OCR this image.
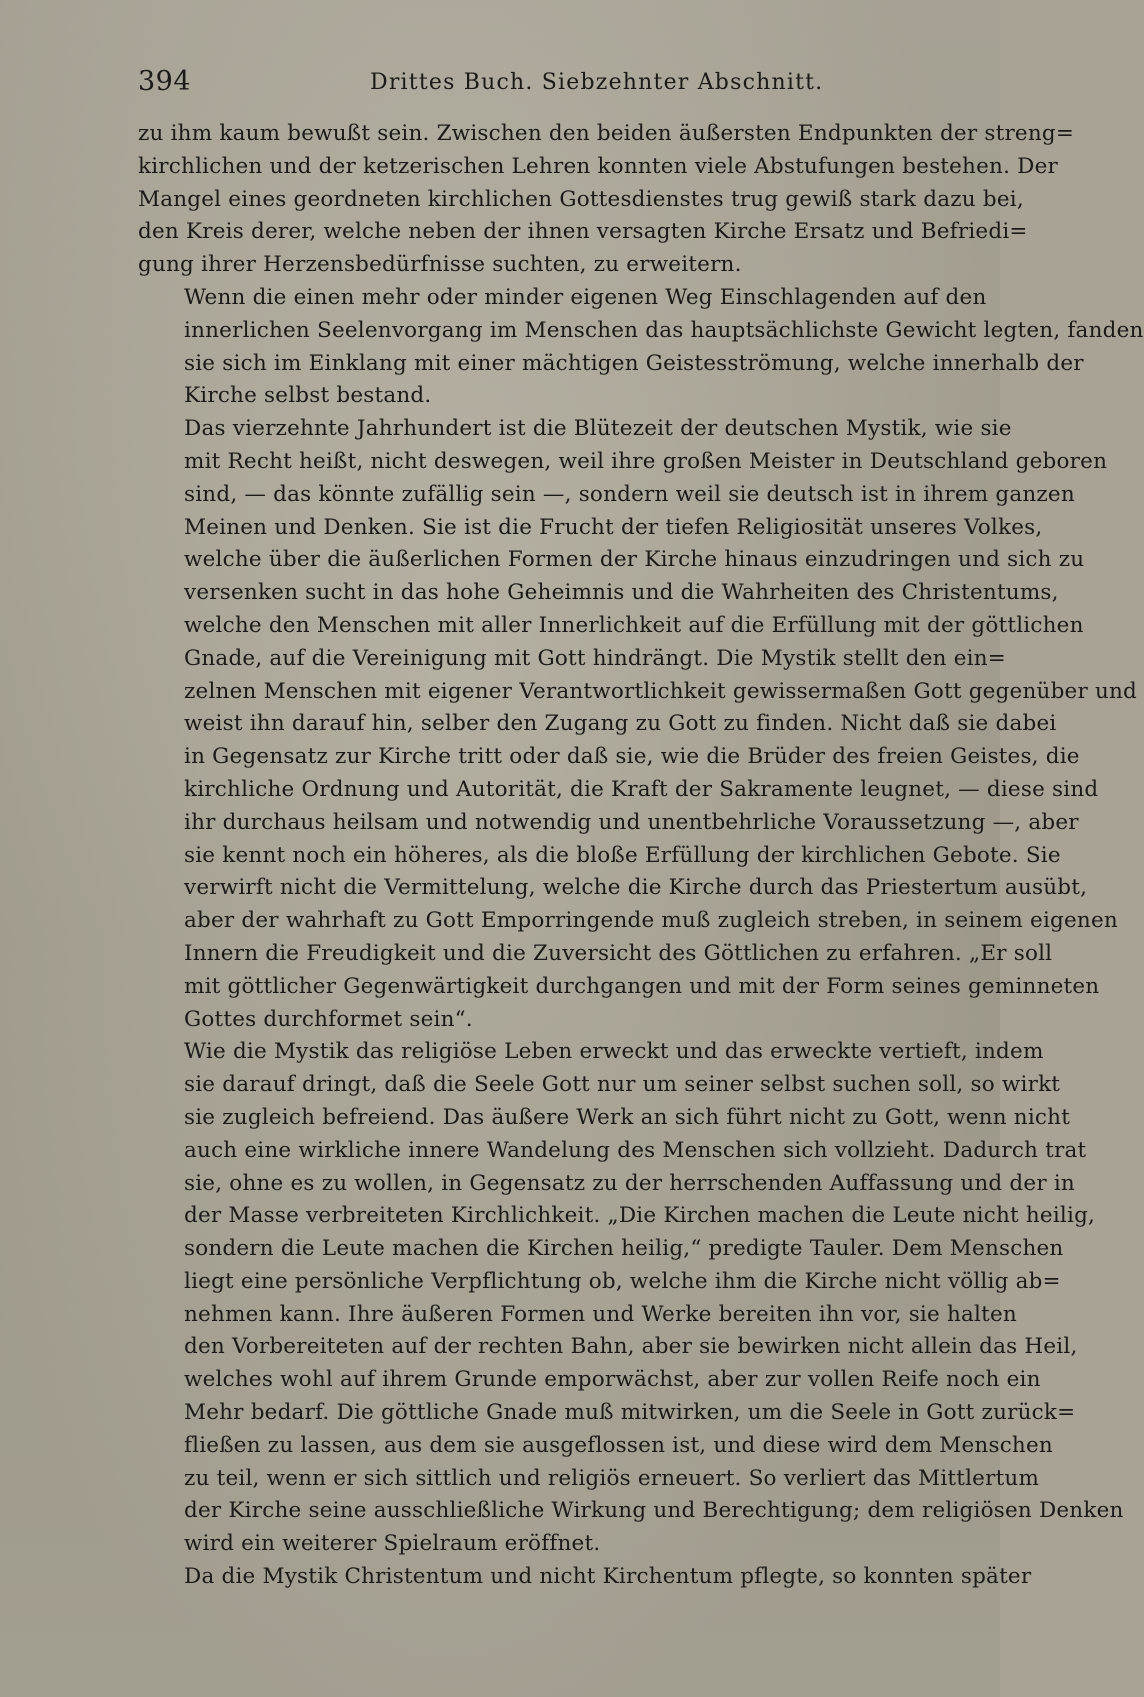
394	Drittes Buch. Siebzehnter Abschnitt.

zu ihm kaum bewußt sein. Zwischen den beiden äußersten Endpunkten der streng=
kirchlichen und der ketzerischen Lehren konnten viele Abstufungen bestehen. Der
Mangel eines geordneten kirchlichen Gottesdienstes trug gewiß stark dazu bei,
den Kreis derer, welche neben der ihnen versagten Kirche Ersatz und Befriedi=
gung ihrer Herzensbedürfnisse suchten, zu erweitern.

Wenn die einen mehr oder minder eigenen Weg Einschlagenden auf den
innerlichen Seelenvorgang im Menschen das hauptsächlichste Gewicht legten, fanden
sie sich im Einklang mit einer mächtigen Geistesströmung, welche innerhalb der
Kirche selbst bestand.

Das vierzehnte Jahrhundert ist die Blütezeit der deutschen Mystik, wie sie
mit Recht heißt, nicht deswegen, weil ihre großen Meister in Deutschland geboren
sind, — das könnte zufällig sein —, sondern weil sie deutsch ist in ihrem ganzen
Meinen und Denken. Sie ist die Frucht der tiefen Religiosität unseres Volkes,
welche über die äußerlichen Formen der Kirche hinaus einzudringen und sich zu
versenken sucht in das hohe Geheimnis und die Wahrheiten des Christentums,
welche den Menschen mit aller Innerlichkeit auf die Erfüllung mit der göttlichen
Gnade, auf die Vereinigung mit Gott hindrängt. Die Mystik stellt den ein=
zelnen Menschen mit eigener Verantwortlichkeit gewissermaßen Gott gegenüber und
weist ihn darauf hin, selber den Zugang zu Gott zu finden. Nicht daß sie dabei
in Gegensatz zur Kirche tritt oder daß sie, wie die Brüder des freien Geistes, die
kirchliche Ordnung und Autorität, die Kraft der Sakramente leugnet, — diese sind
ihr durchaus heilsam und notwendig und unentbehrliche Voraussetzung —, aber
sie kennt noch ein höheres, als die bloße Erfüllung der kirchlichen Gebote. Sie
verwirft nicht die Vermittelung, welche die Kirche durch das Priestertum ausübt,
aber der wahrhaft zu Gott Emporringende muß zugleich streben, in seinem eigenen
Innern die Freudigkeit und die Zuversicht des Göttlichen zu erfahren. „Er soll
mit göttlicher Gegenwärtigkeit durchgangen und mit der Form seines geminneten
Gottes durchformet sein“.

Wie die Mystik das religiöse Leben erweckt und das erweckte vertieft, indem
sie darauf dringt, daß die Seele Gott nur um seiner selbst suchen soll, so wirkt
sie zugleich befreiend. Das äußere Werk an sich führt nicht zu Gott, wenn nicht
auch eine wirkliche innere Wandelung des Menschen sich vollzieht. Dadurch trat
sie, ohne es zu wollen, in Gegensatz zu der herrschenden Auffassung und der in
der Masse verbreiteten Kirchlichkeit. „Die Kirchen machen die Leute nicht heilig,
sondern die Leute machen die Kirchen heilig,“ predigte Tauler. Dem Menschen
liegt eine persönliche Verpflichtung ob, welche ihm die Kirche nicht völlig ab=
nehmen kann. Ihre äußeren Formen und Werke bereiten ihn vor, sie halten
den Vorbereiteten auf der rechten Bahn, aber sie bewirken nicht allein das Heil,
welches wohl auf ihrem Grunde emporwächst, aber zur vollen Reife noch ein
Mehr bedarf. Die göttliche Gnade muß mitwirken, um die Seele in Gott zurück=
fließen zu lassen, aus dem sie ausgeflossen ist, und diese wird dem Menschen
zu teil, wenn er sich sittlich und religiös erneuert. So verliert das Mittlertum
der Kirche seine ausschließliche Wirkung und Berechtigung; dem religiösen Denken
wird ein weiterer Spielraum eröffnet.

Da die Mystik Christentum und nicht Kirchentum pflegte, so konnten später
